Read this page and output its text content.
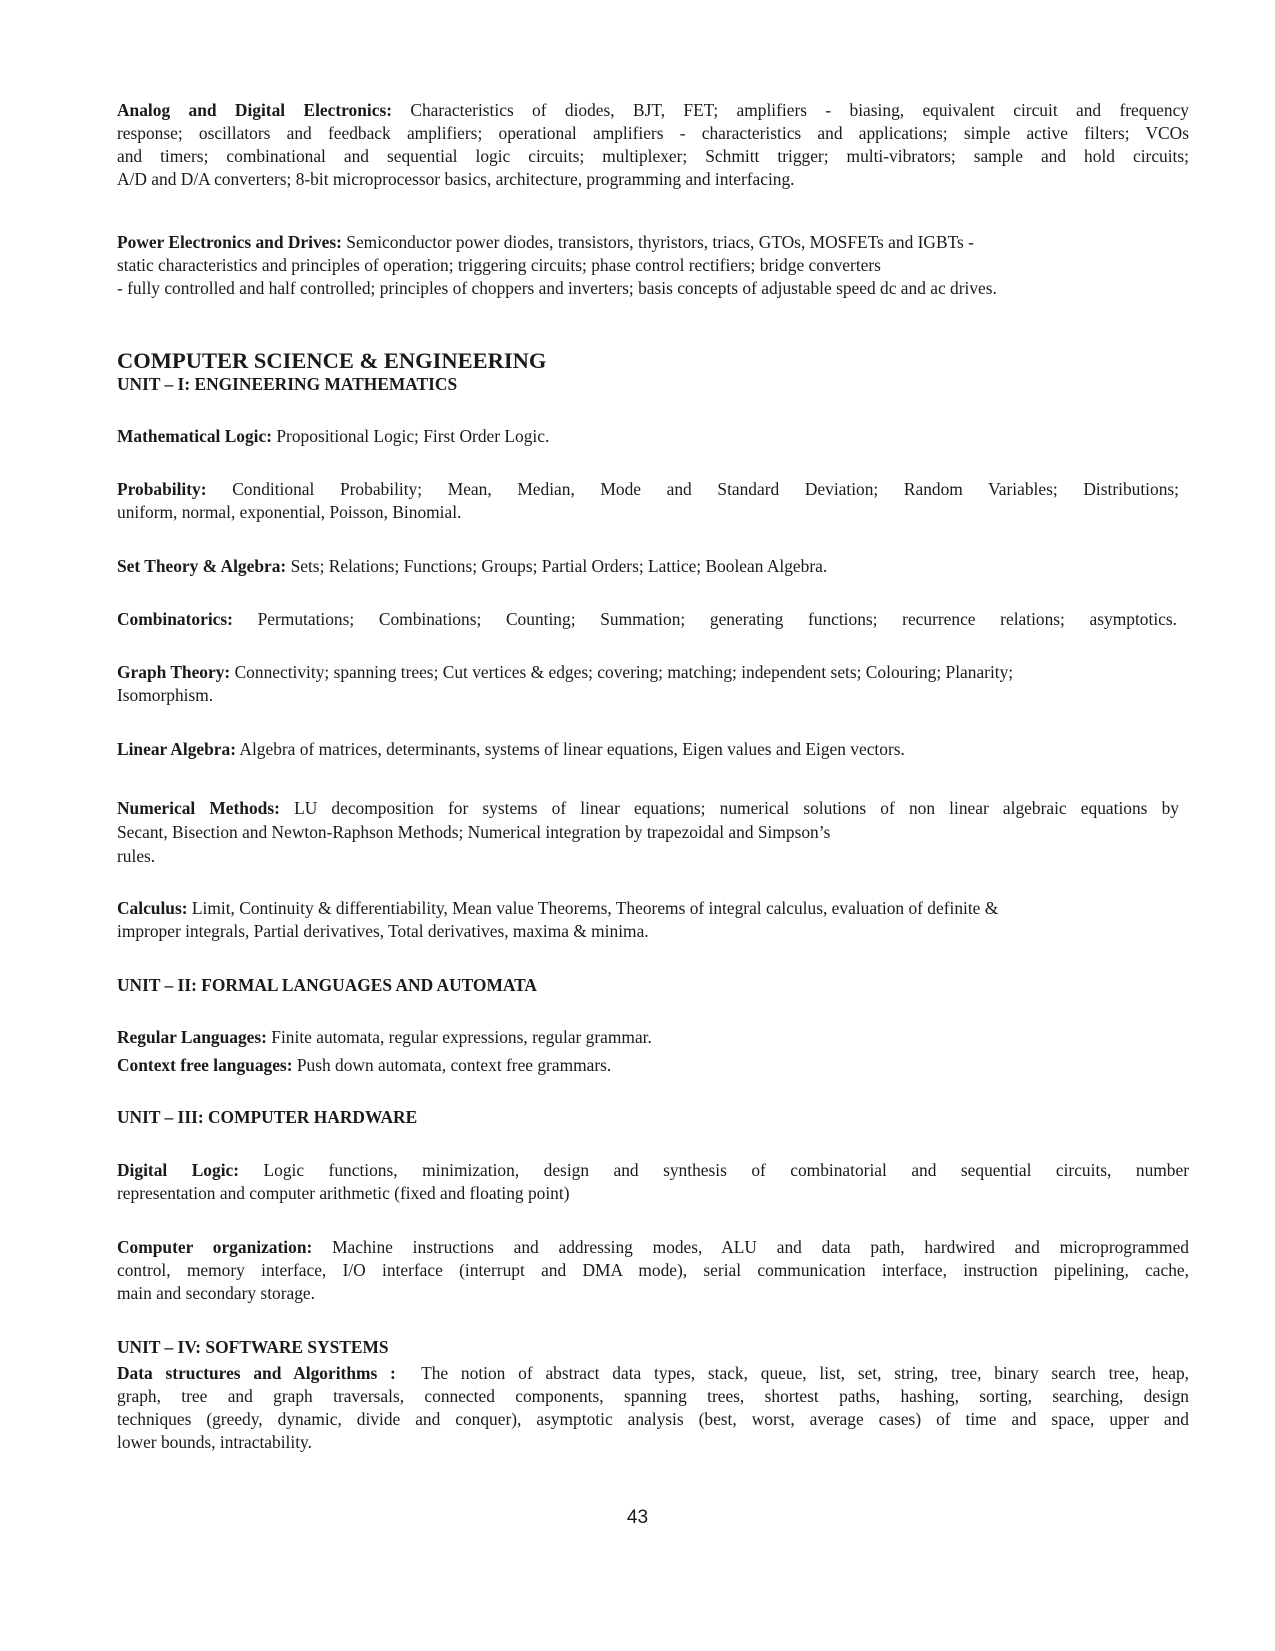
Analog and Digital Electronics: Characteristics of diodes, BJT, FET; amplifiers - biasing, equivalent circuit and frequency
response; oscillators and feedback amplifiers; operational amplifiers - characteristics and applications; simple active filters; VCOs
and timers; combinational and sequential logic circuits; multiplexer; Schmitt trigger; multi-vibrators; sample and hold circuits;
A/D and D/A converters; 8-bit microprocessor basics, architecture, programming and interfacing.
Power Electronics and Drives: Semiconductor power diodes, transistors, thyristors, triacs, GTOs, MOSFETs and IGBTs -
static characteristics and principles of operation; triggering circuits; phase control rectifiers; bridge converters
- fully controlled and half controlled; principles of choppers and inverters; basis concepts of adjustable speed dc and ac drives.
COMPUTER SCIENCE & ENGINEERING
UNIT – I: ENGINEERING MATHEMATICS
Mathematical Logic: Propositional Logic; First Order Logic.
Probability: Conditional Probability; Mean, Median, Mode and Standard Deviation; Random Variables; Distributions;
uniform, normal, exponential, Poisson, Binomial.
Set Theory & Algebra: Sets; Relations; Functions; Groups; Partial Orders; Lattice; Boolean Algebra.
Combinatorics: Permutations; Combinations; Counting; Summation; generating functions; recurrence relations; asymptotics.
Graph Theory: Connectivity; spanning trees; Cut vertices & edges; covering; matching; independent sets; Colouring; Planarity;
Isomorphism.
Linear Algebra: Algebra of matrices, determinants, systems of linear equations, Eigen values and Eigen vectors.
Numerical Methods: LU decomposition for systems of linear equations; numerical solutions of non linear algebraic equations by
Secant, Bisection and Newton-Raphson Methods; Numerical integration by trapezoidal and Simpson’s
rules.
Calculus: Limit, Continuity & differentiability, Mean value Theorems, Theorems of integral calculus, evaluation of definite &
improper integrals, Partial derivatives, Total derivatives, maxima & minima.
UNIT – II: FORMAL LANGUAGES AND AUTOMATA
Regular Languages: Finite automata, regular expressions, regular grammar.
Context free languages: Push down automata, context free grammars.
UNIT – III: COMPUTER HARDWARE
Digital Logic: Logic functions, minimization, design and synthesis of combinatorial and sequential circuits, number
representation and computer arithmetic (fixed and floating point)
Computer organization: Machine instructions and addressing modes, ALU and data path, hardwired and microprogrammed
control, memory interface, I/O interface (interrupt and DMA mode), serial communication interface, instruction pipelining, cache,
main and secondary storage.
UNIT – IV: SOFTWARE SYSTEMS
Data structures and Algorithms : The notion of abstract data types, stack, queue, list, set, string, tree, binary search tree, heap,
graph, tree and graph traversals, connected components, spanning trees, shortest paths, hashing, sorting, searching, design
techniques (greedy, dynamic, divide and conquer), asymptotic analysis (best, worst, average cases) of time and space, upper and
lower bounds, intractability.
43
